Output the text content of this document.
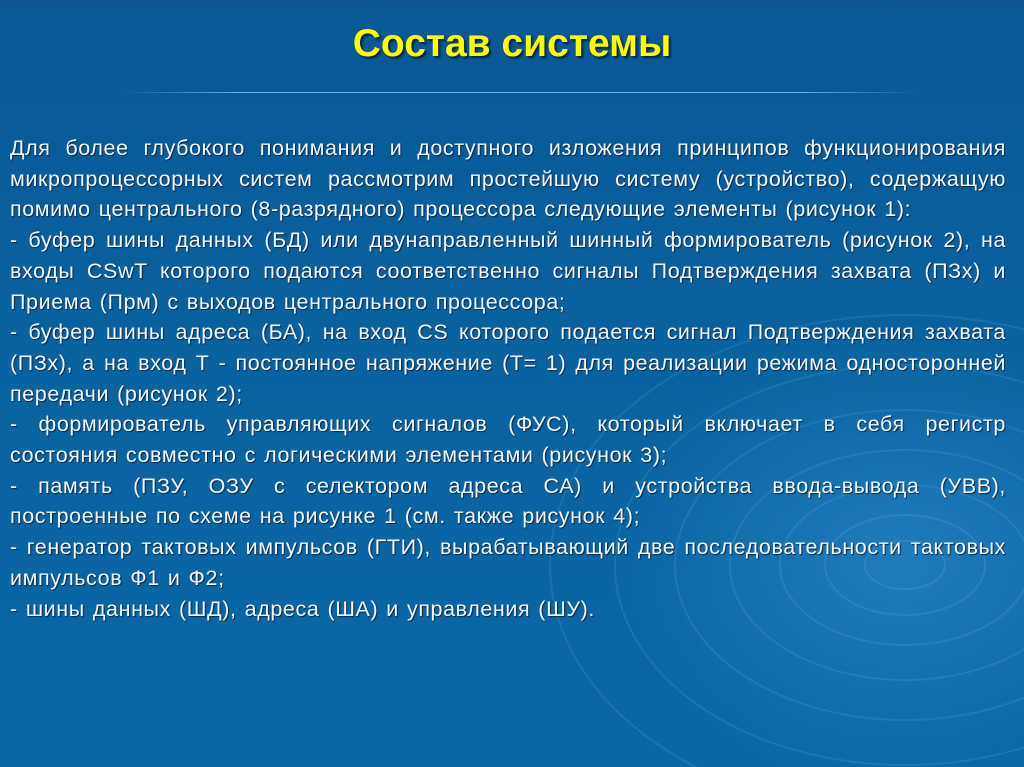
Состав системы

Для более глубокого понимания и доступного изложения принципов функционирования микропроцессорных систем рассмотрим простейшую систему (устройство), содержащую помимо центрального (8-разрядного) процессора следующие элементы (рисунок 1):

- буфер шины данных (БД) или двунаправленный шинный формирователь (рисунок 2), на входы CSwT которого подаются соответственно сигналы Подтверждения захвата (ПЗх) и Приема (Прм) с выходов центрального процессора;

- буфер шины адреса (БА), на вход CS которого подается сигнал Подтверждения захвата (ПЗх), а на вход Т - постоянное напряжение (Т= 1) для реализации режима односторонней передачи (рисунок 2);

- формирователь управляющих сигналов (ФУС), который включает в себя регистр состояния совместно с логическими элементами (рисунок 3);

- память (ПЗУ, ОЗУ с селектором адреса СА) и устройства ввода-вывода (УВВ), построенные по схеме на рисунке 1 (см. также рисунок 4);

- генератор тактовых импульсов (ГТИ), вырабатывающий две последовательности тактовых импульсов Ф1 и Ф2;

- шины данных (ШД), адреса (ША) и управления (ШУ).
